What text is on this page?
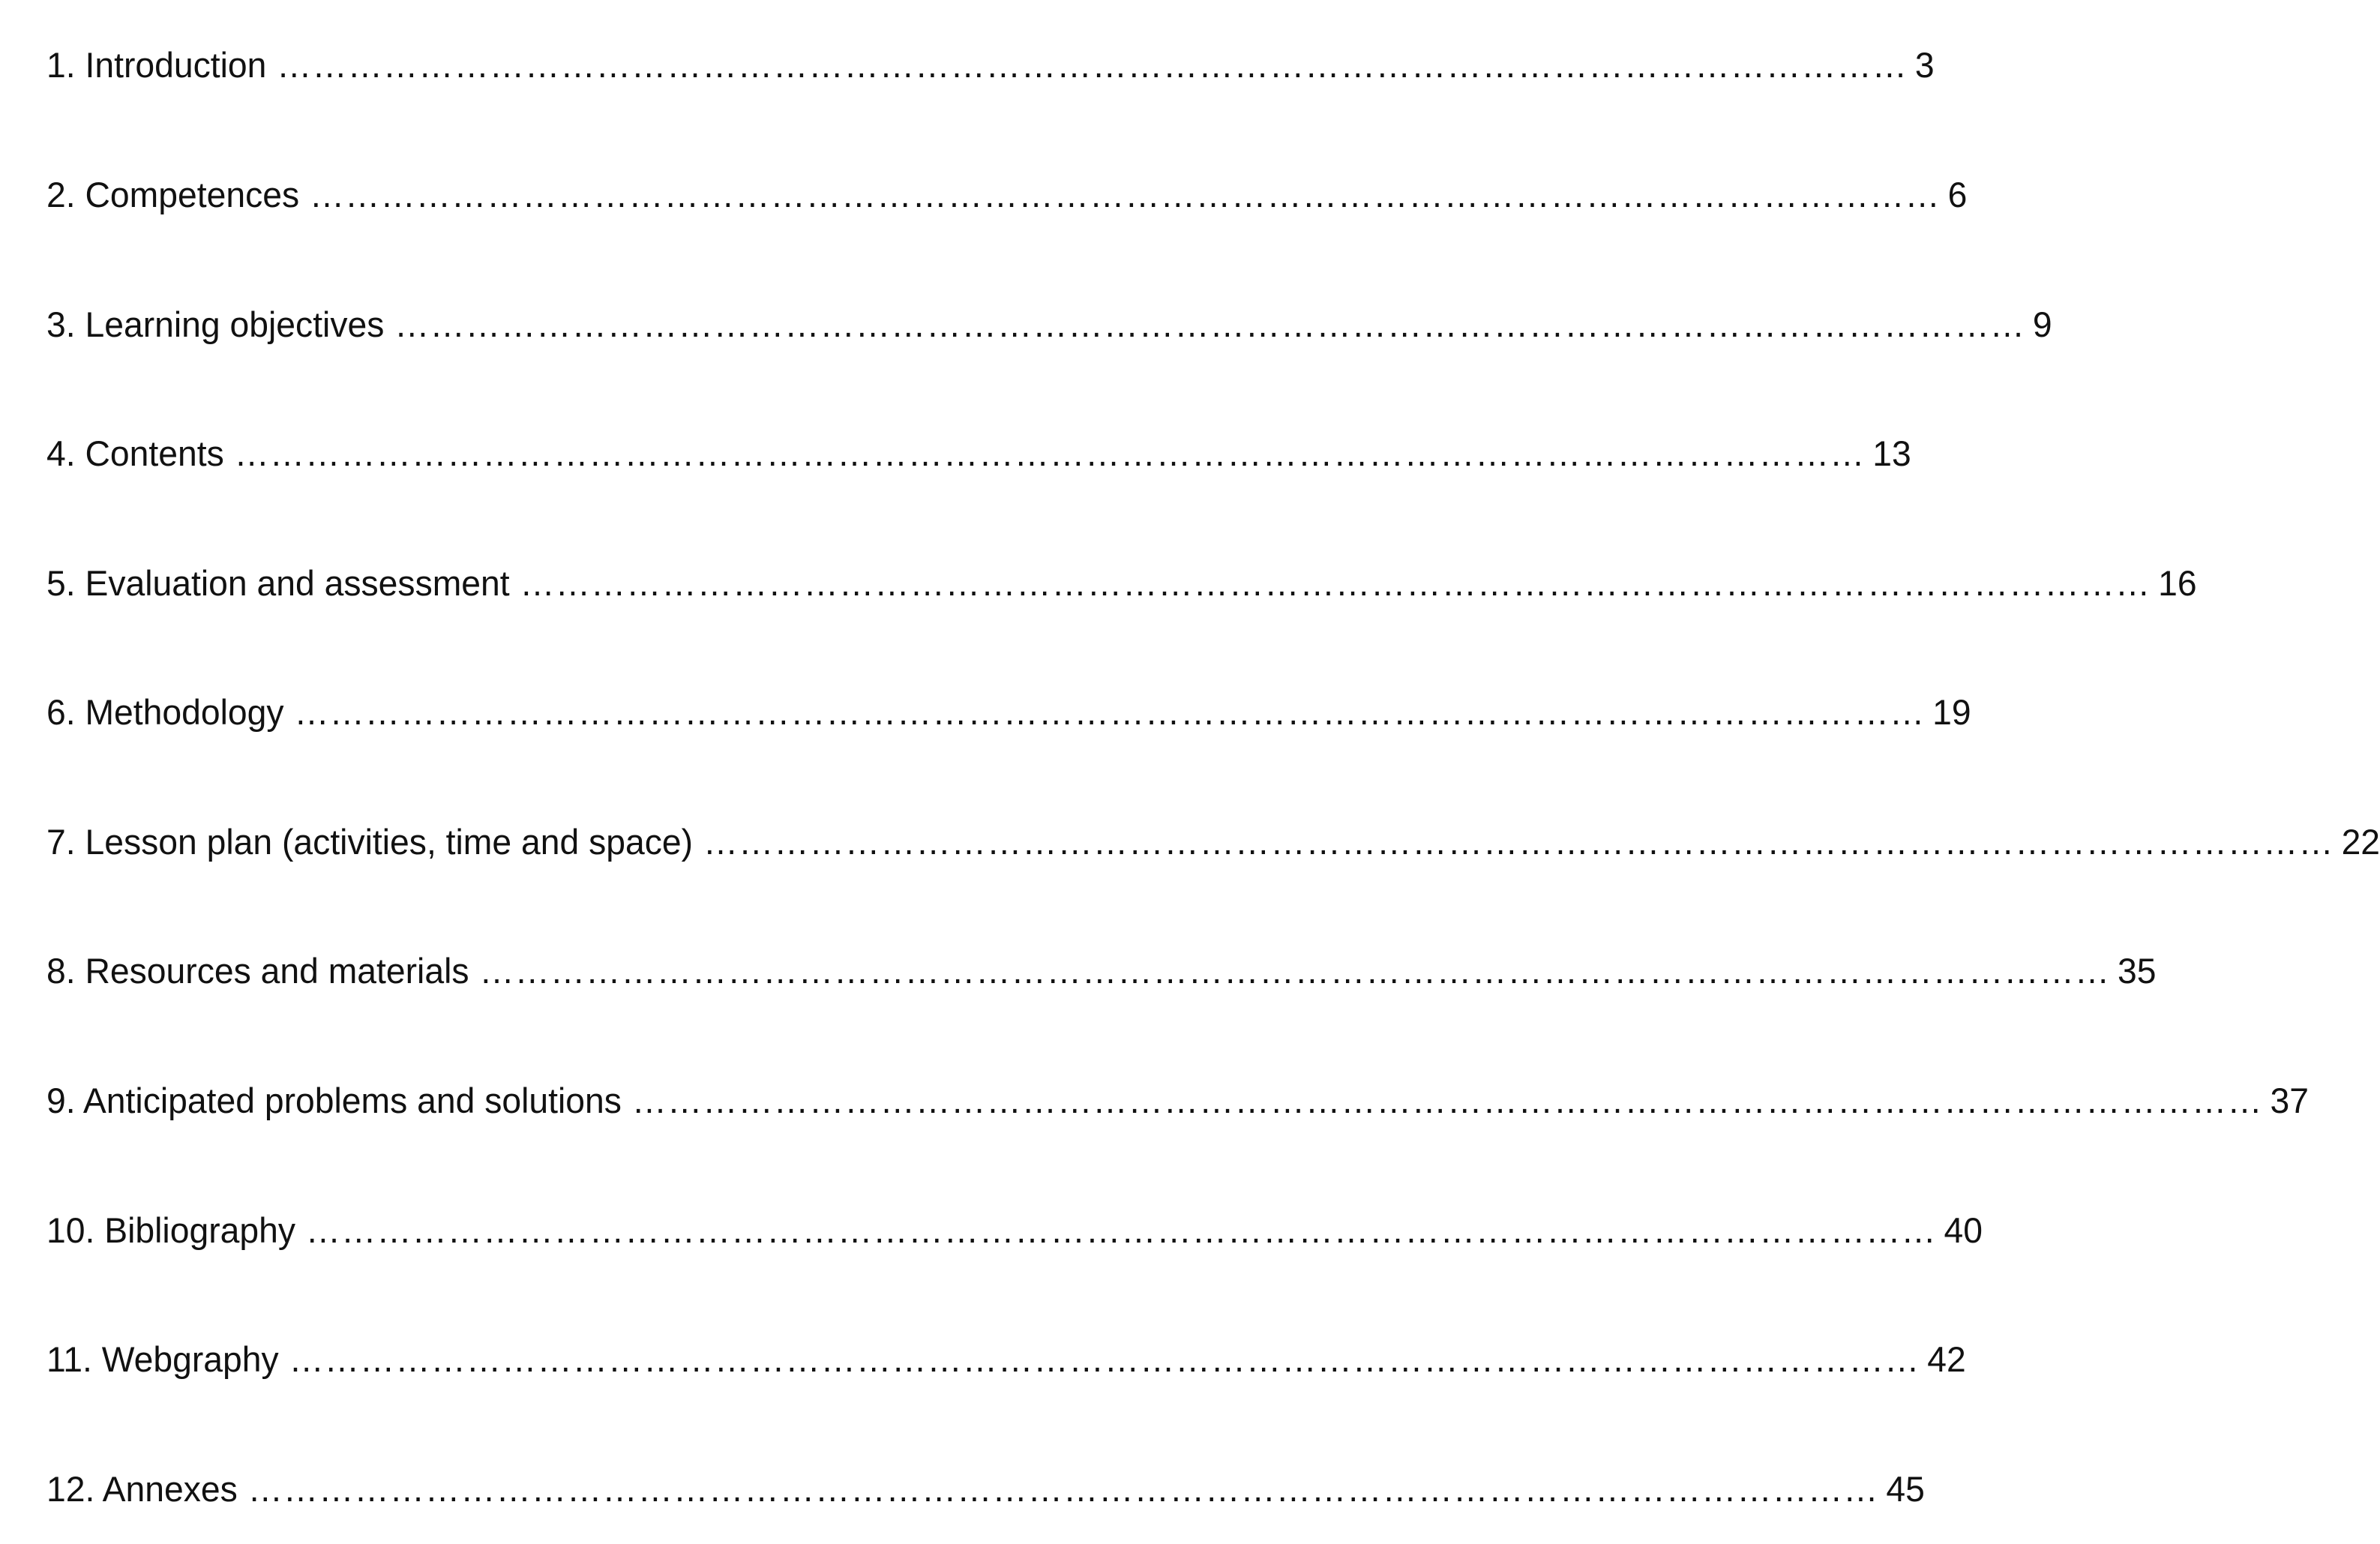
1. Introduction ………………………………………………………………………………………………………………………… 3
2. Competences ………………………………………………………………………………………………………………………… 6
3. Learning objectives ………………………………………………………………………………………………………………………… 9
4. Contents ………………………………………………………………………………………………………………………… 13
5. Evaluation and assessment ………………………………………………………………………………………………………………………… 16
6. Methodology ………………………………………………………………………………………………………………………… 19
7. Lesson plan (activities, time and space) ………………………………………………………………………………………………………………………… 22
8. Resources and materials ………………………………………………………………………………………………………………………… 35
9. Anticipated problems and solutions ………………………………………………………………………………………………………………………… 37
10. Bibliography ………………………………………………………………………………………………………………………… 40
11. Webgraphy ………………………………………………………………………………………………………………………… 42
12. Annexes ………………………………………………………………………………………………………………………… 45
